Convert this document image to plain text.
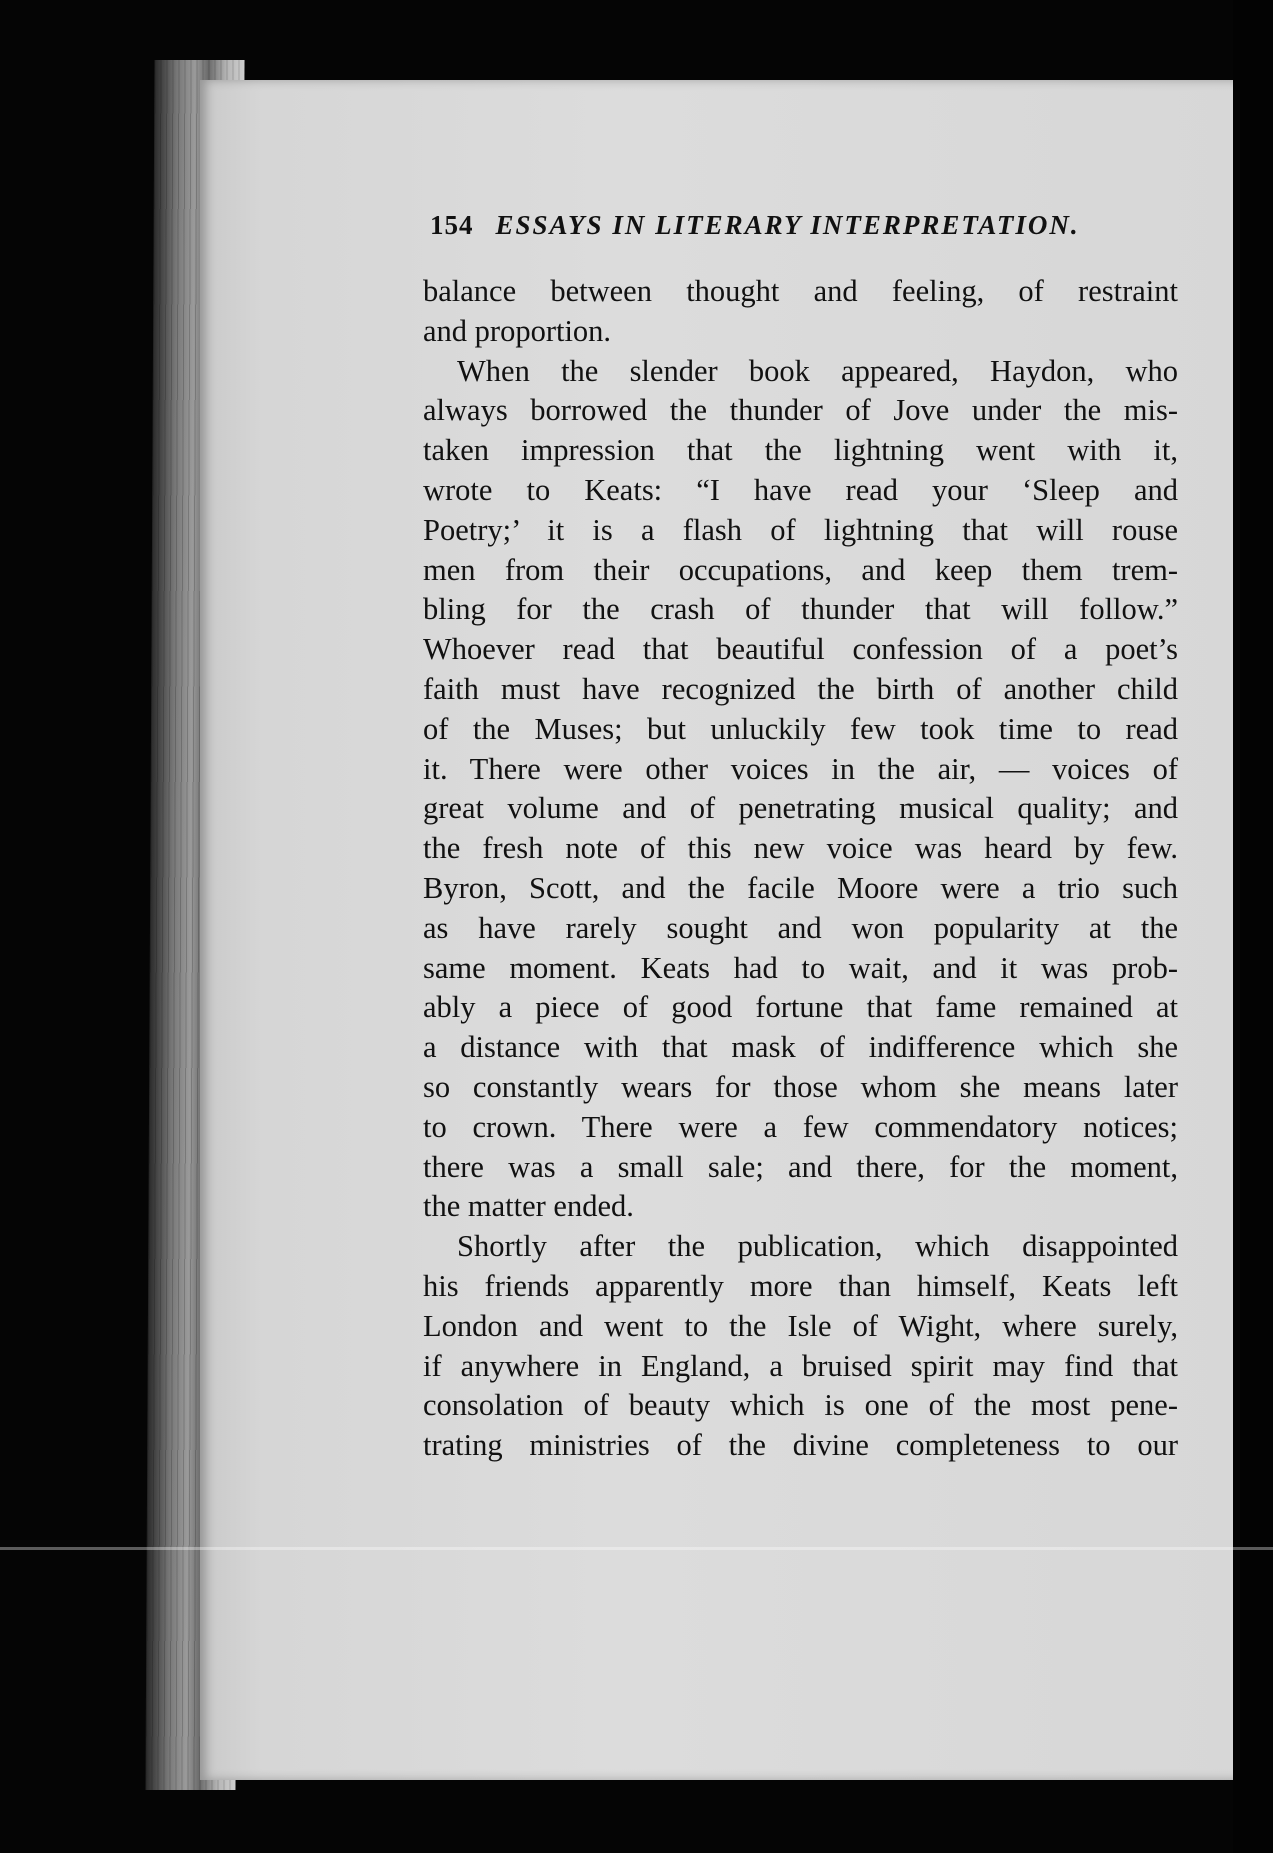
154 ESSAYS IN LITERARY INTERPRETATION.
balance between thought and feeling, of restraint
and proportion.
When the slender book appeared, Haydon, who
always borrowed the thunder of Jove under the mis-
taken impression that the lightning went with it,
wrote to Keats: “I have read your ‘Sleep and
Poetry;’ it is a flash of lightning that will rouse
men from their occupations, and keep them trem-
bling for the crash of thunder that will follow.”
Whoever read that beautiful confession of a poet’s
faith must have recognized the birth of another child
of the Muses; but unluckily few took time to read
it. There were other voices in the air, — voices of
great volume and of penetrating musical quality; and
the fresh note of this new voice was heard by few.
Byron, Scott, and the facile Moore were a trio such
as have rarely sought and won popularity at the
same moment. Keats had to wait, and it was prob-
ably a piece of good fortune that fame remained at
a distance with that mask of indifference which she
so constantly wears for those whom she means later
to crown. There were a few commendatory notices;
there was a small sale; and there, for the moment,
the matter ended.
Shortly after the publication, which disappointed
his friends apparently more than himself, Keats left
London and went to the Isle of Wight, where surely,
if anywhere in England, a bruised spirit may find that
consolation of beauty which is one of the most pene-
trating ministries of the divine completeness to our
